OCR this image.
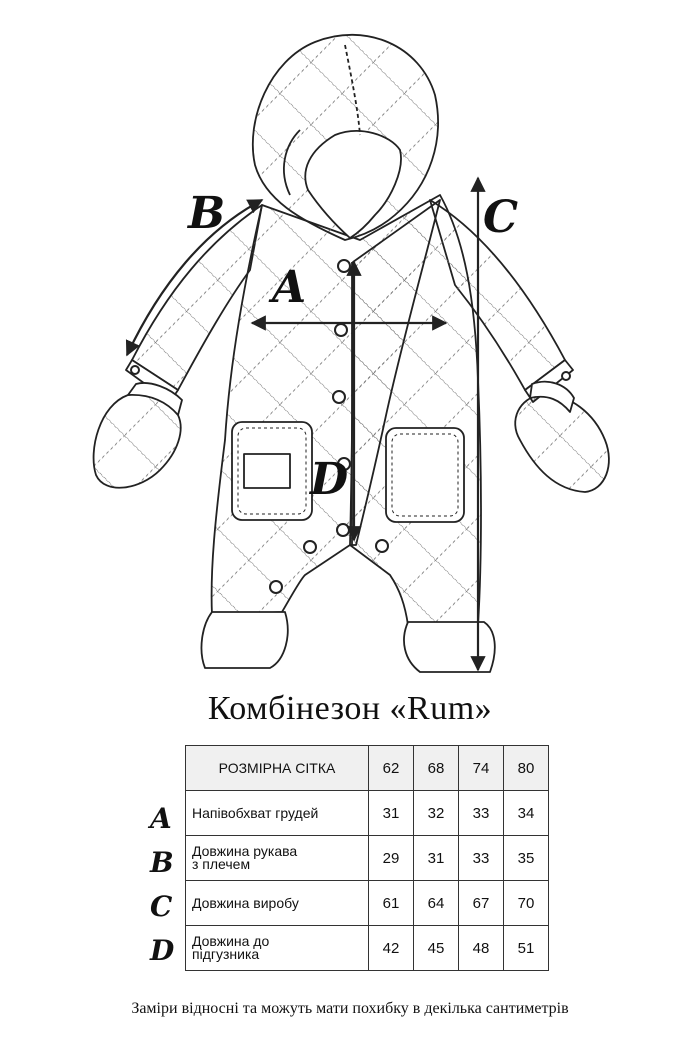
A
B	C
D
Комбінезон «Rum»
РОЗМІРНА СІТКА	62	68	74	80
Напівобхват грудей	31	32	33	34
Довжина рукава
з плечем	29	31	33	35
Довжина виробу	61	64	67	70
Довжина до
підгузника	42	45	48	51
A
B
C
D
Заміри відносні та можуть мати похибку в декілька сантиметрів
